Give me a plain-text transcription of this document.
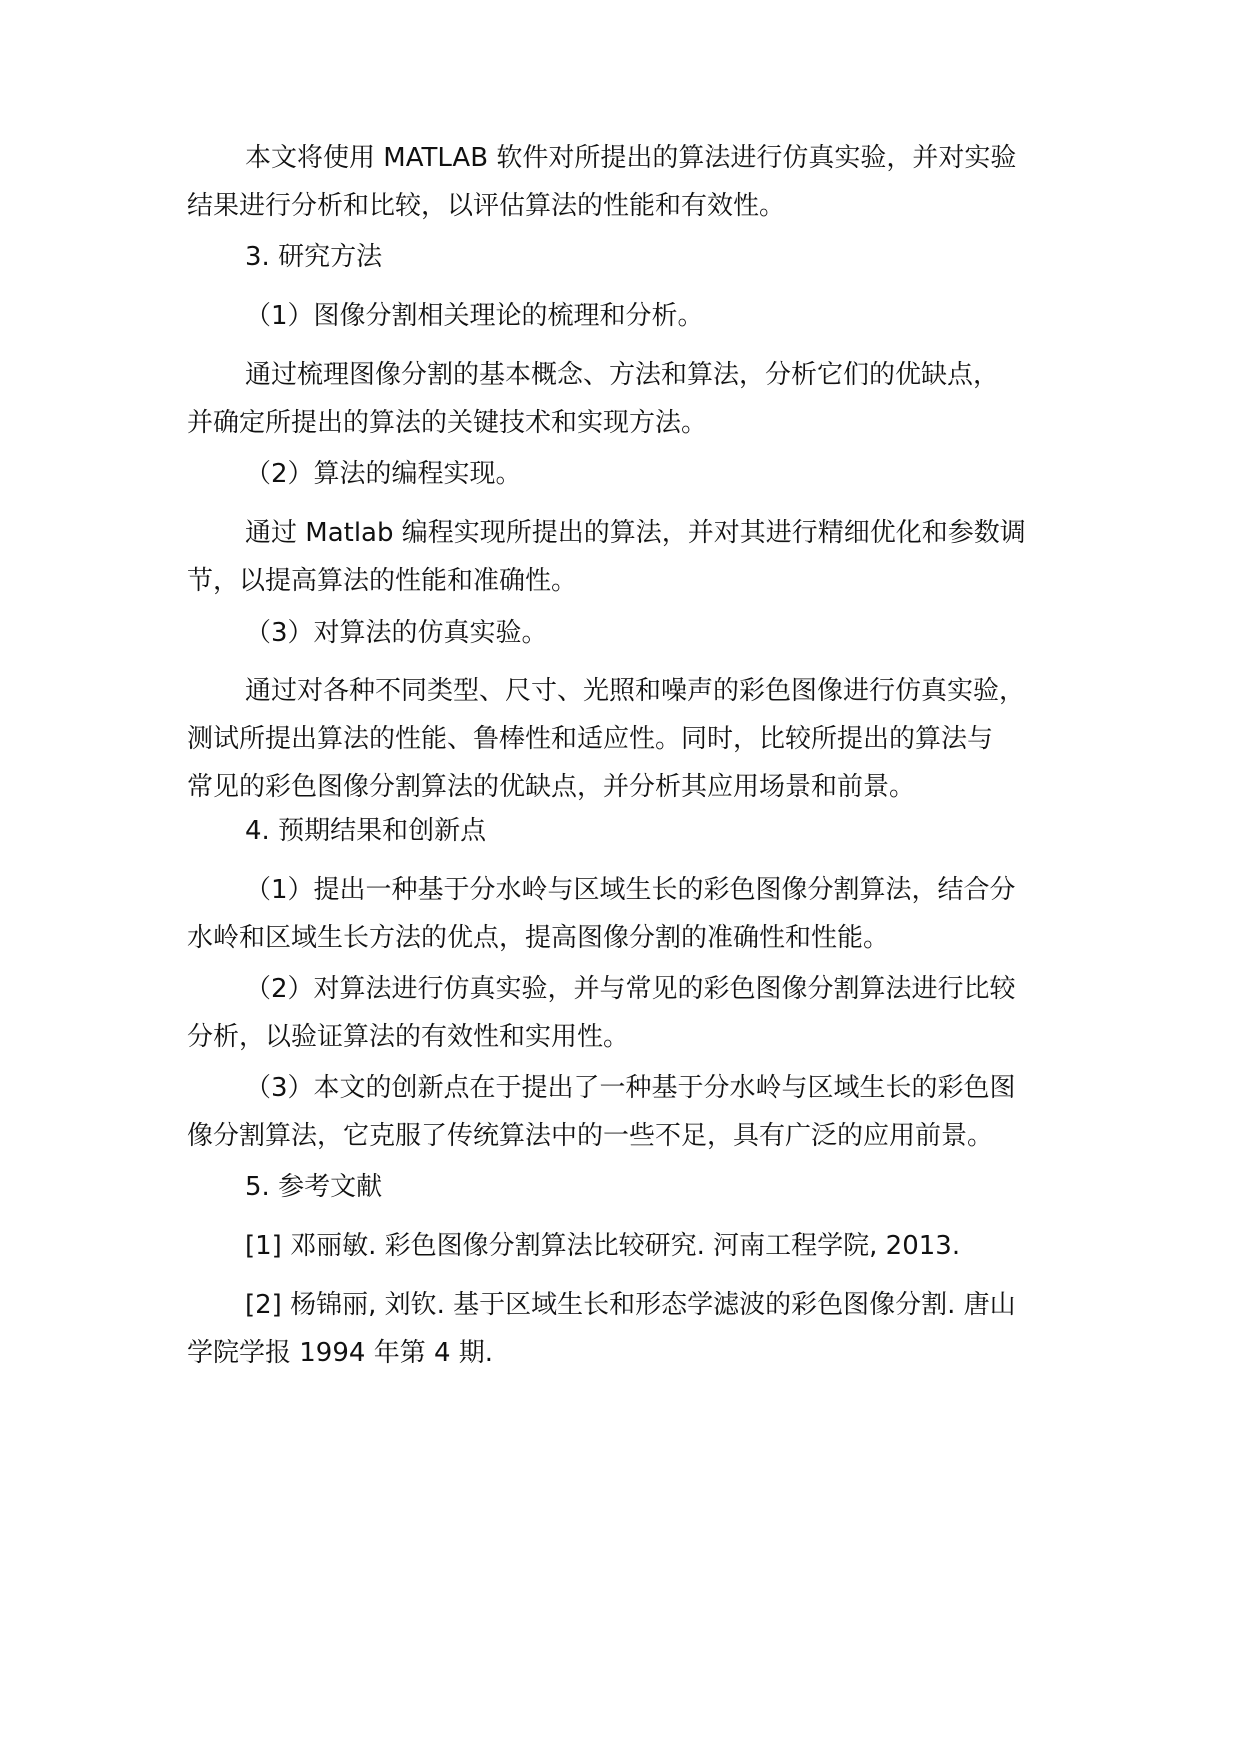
本文将使用 MATLAB 软件对所提出的算法进行仿真实验，并对实验
结果进行分析和比较，以评估算法的性能和有效性。
3. 研究方法
（1）图像分割相关理论的梳理和分析。
通过梳理图像分割的基本概念、方法和算法，分析它们的优缺点，
并确定所提出的算法的关键技术和实现方法。
（2）算法的编程实现。
通过 Matlab 编程实现所提出的算法，并对其进行精细优化和参数调
节，以提高算法的性能和准确性。
（3）对算法的仿真实验。
通过对各种不同类型、尺寸、光照和噪声的彩色图像进行仿真实验，
测试所提出算法的性能、鲁棒性和适应性。同时，比较所提出的算法与
常见的彩色图像分割算法的优缺点，并分析其应用场景和前景。
4. 预期结果和创新点
（1）提出一种基于分水岭与区域生长的彩色图像分割算法，结合分
水岭和区域生长方法的优点，提高图像分割的准确性和性能。
（2）对算法进行仿真实验，并与常见的彩色图像分割算法进行比较
分析，以验证算法的有效性和实用性。
（3）本文的创新点在于提出了一种基于分水岭与区域生长的彩色图
像分割算法，它克服了传统算法中的一些不足，具有广泛的应用前景。
5. 参考文献
[1] 邓丽敏. 彩色图像分割算法比较研究. 河南工程学院, 2013.
[2] 杨锦丽, 刘钦. 基于区域生长和形态学滤波的彩色图像分割. 唐山
学院学报 1994 年第 4 期.
